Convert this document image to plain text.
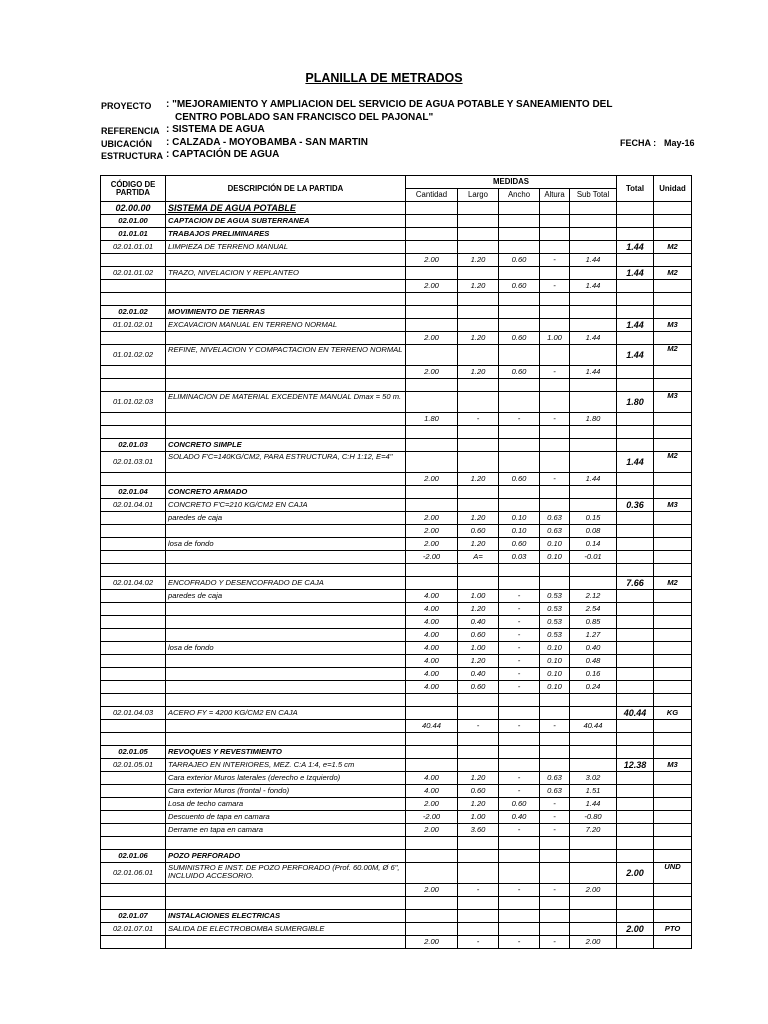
PLANILLA DE METRADOS
PROYECTO : "MEJORAMIENTO Y AMPLIACION DEL SERVICIO DE AGUA POTABLE Y SANEAMIENTO DEL
CENTRO POBLADO SAN FRANCISCO DEL PAJONAL"
REFERENCIA : SISTEMA DE AGUA
UBICACIÓN : CALZADA - MOYOBAMBA - SAN MARTIN
ESTRUCTURA : CAPTACIÓN DE AGUA
FECHA : May-16
CÓDIGO DE PARTIDA	DESCRIPCIÓN DE LA PARTIDA	MEDIDAS					Total	Unidad
		Cantidad	Largo	Ancho	Altura	Sub Total		
02.00.00	SISTEMA DE AGUA POTABLE							
02.01.00	CAPTACION DE AGUA SUBTERRANEA							
01.01.01	TRABAJOS PRELIMINARES							
02.01.01.01	LIMPIEZA DE TERRENO MANUAL						1.44	M2
		2.00	1.20	0.60	-	1.44		
02.01.01.02	TRAZO, NIVELACION Y REPLANTEO						1.44	M2
		2.00	1.20	0.60	-	1.44		

02.01.02	MOVIMIENTO DE TIERRAS							
01.01.02.01	EXCAVACION MANUAL EN TERRENO NORMAL						1.44	M3
		2.00	1.20	0.60	1.00	1.44		
01.01.02.02	REFINE, NIVELACION Y COMPACTACION EN TERRENO NORMAL						1.44	M2
		2.00	1.20	0.60	-	1.44		

01.01.02.03	ELIMINACION DE MATERIAL EXCEDENTE MANUAL Dmax = 50 m.						1.80	M3
		1.80	-	-	-	1.80		

02.01.03	CONCRETO SIMPLE							
02.01.03.01	SOLADO F'C=140KG/CM2, PARA ESTRUCTURA, C:H 1:12, E=4"						1.44	M2
		2.00	1.20	0.60	-	1.44		
02.01.04	CONCRETO ARMADO							
02.01.04.01	CONCRETO F'C=210 KG/CM2 EN CAJA						0.36	M3
	paredes de caja	2.00	1.20	0.10	0.63	0.15		
		2.00	0.60	0.10	0.63	0.08		
	losa de fondo	2.00	1.20	0.60	0.10	0.14		
		-2.00	A=	0.03	0.10	-0.01		

02.01.04.02	ENCOFRADO Y DESENCOFRADO DE CAJA						7.66	M2
	paredes de caja	4.00	1.00	-	0.53	2.12		
		4.00	1.20	-	0.53	2.54		
		4.00	0.40	-	0.53	0.85		
		4.00	0.60	-	0.53	1.27		
	losa de fondo	4.00	1.00	-	0.10	0.40		
		4.00	1.20	-	0.10	0.48		
		4.00	0.40	-	0.10	0.16		
		4.00	0.60	-	0.10	0.24		

02.01.04.03	ACERO FY = 4200 KG/CM2 EN CAJA						40.44	KG
		40.44	-	-	-	40.44		

02.01.05	REVOQUES Y REVESTIMIENTO							
02.01.05.01	TARRAJEO EN INTERIORES, MEZ. C:A 1:4, e=1.5 cm						12.38	M3
	Cara exterior Muros laterales (derecho e Izquierdo)	4.00	1.20	-	0.63	3.02		
	Cara exterior Muros (frontal - fondo)	4.00	0.60	-	0.63	1.51		
	Losa de techo camara	2.00	1.20	0.60	-	1.44		
	Descuento de tapa en camara	-2.00	1.00	0.40	-	-0.80		
	Derrame en tapa en camara	2.00	3.60	-	-	7.20		

02.01.06	POZO PERFORADO							
02.01.06.01	SUMINISTRO E INST. DE POZO PERFORADO (Prof. 60.00M, Ø 6", INCLUIDO ACCESORIO.						2.00	UND
		2.00	-	-	-	2.00		

02.01.07	INSTALACIONES ELECTRICAS							
02.01.07.01	SALIDA DE ELECTROBOMBA SUMERGIBLE						2.00	PTO
		2.00	-	-	-	2.00		
